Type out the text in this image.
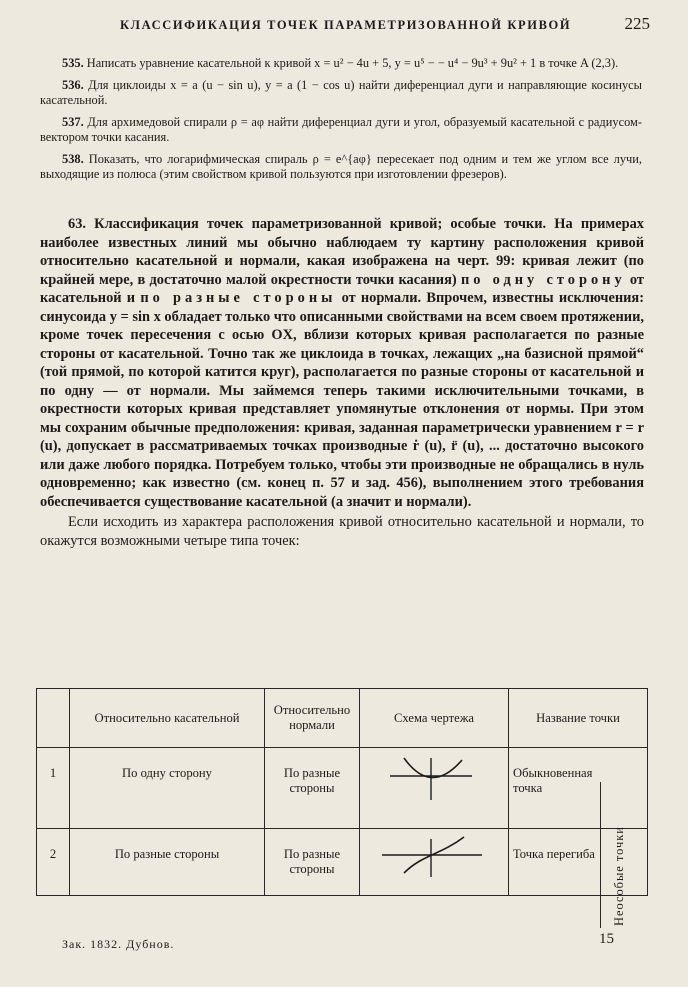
КЛАССИФИКАЦИЯ ТОЧЕК ПАРАМЕТРИЗОВАННОЙ КРИВОЙ	225

535. Написать уравнение касательной к кривой x = u² − 4u + 5, y = u⁵ − − u⁴ − 9u³ + 9u² + 1 в точке A (2,3).

536. Для циклоиды x = a (u − sin u), y = a (1 − cos u) найти диференциал дуги и направляющие косинусы касательной.

537. Для архимедовой спирали ρ = aφ найти диференциал дуги и угол, образуемый касательной с радиусом-вектором точки касания.

538. Показать, что логарифмическая спираль ρ = e^{aφ} пересекает под одним и тем же углом все лучи, выходящие из полюса (этим свойством кривой пользуются при изготовлении фрезеров).

63. Классификация точек параметризованной кривой; особые точки. На примерах наиболее известных линий мы обычно наблюдаем ту картину расположения кривой относительно касательной и нормали, какая изображена на черт. 99: кривая лежит (по крайней мере, в достаточно малой окрестности точки касания) по одну сторону от касательной и по разные стороны от нормали. Впрочем, известны исключения: синусоида y = sin x обладает только что описанными свойствами на всем своем протяжении, кроме точек пересечения с осью OX, вблизи которых кривая располагается по разные стороны от касательной. Точно так же циклоида в точках, лежащих „на базисной прямой“ (той прямой, по которой катится круг), располагается по разные стороны от касательной и по одну — от нормали. Мы займемся теперь такими исключительными точками, в окрестности которых кривая представляет упомянутые отклонения от нормы. При этом мы сохраним обычные предположения: кривая, заданная параметрически уравнением r = r (u), допускает в рассматриваемых точках производные ṙ (u), r̈ (u), ... достаточно высокого или даже любого порядка. Потребуем только, чтобы эти производные не обращались в нуль одновременно; как известно (см. конец п. 57 и зад. 456), выполнением этого требования обеспечивается существование касательной (а значит и нормали).

Если исходить из характера расположения кривой относительно касательной и нормали, то окажутся возможными четыре типа точек:

	Относительно касательной	Относительно нормали	Схема чертежа	Название точки
1	По одну сторону	По разные стороны		Обыкновенная точка

2	По разные стороны	По разные стороны		Точка перегиба Неособые точки
Зак. 1832. Дубнов.	15
